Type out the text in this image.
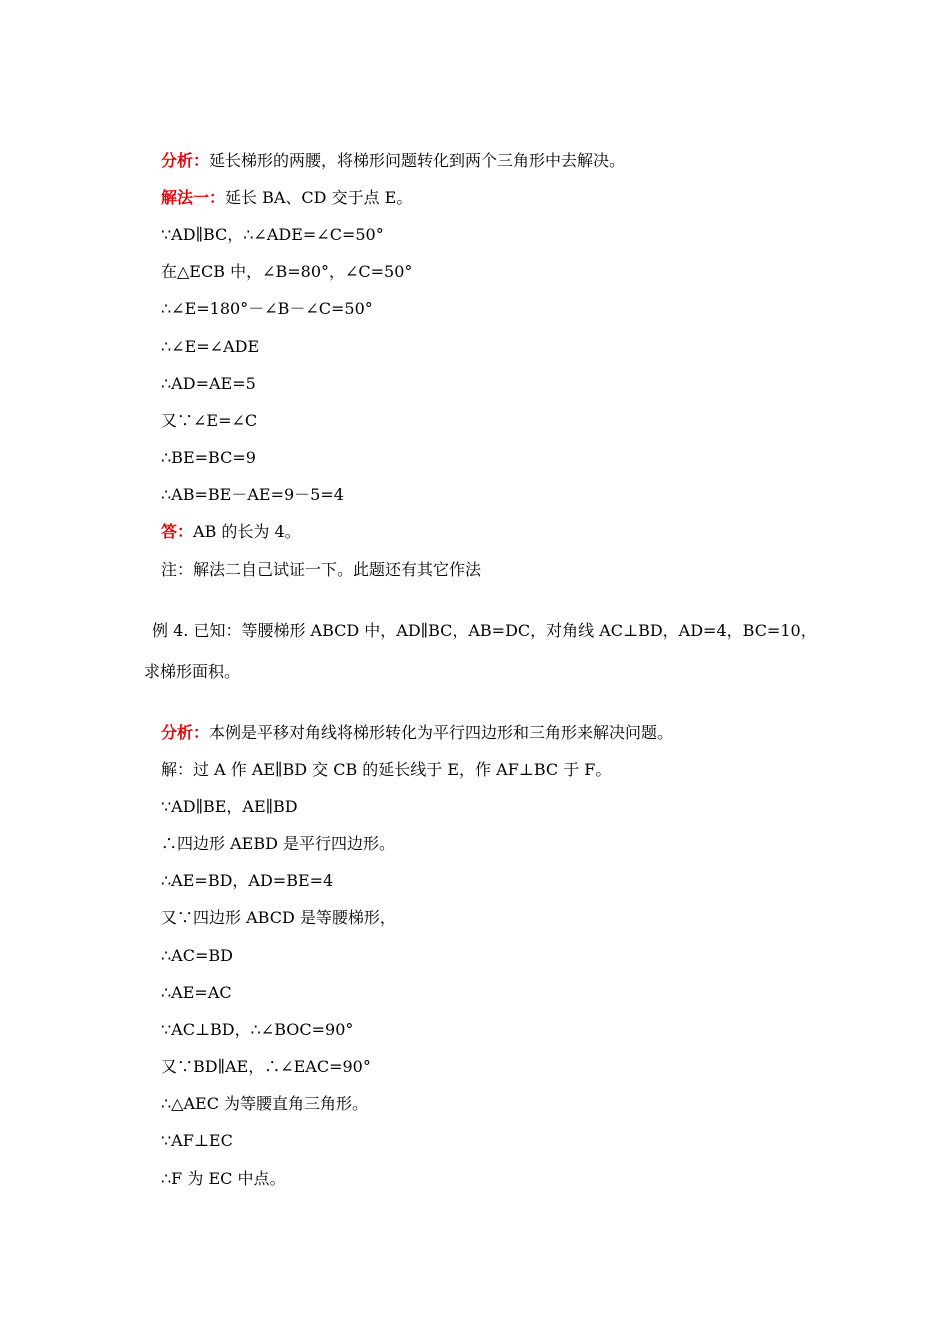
分析：延长梯形的两腰，将梯形问题转化到两个三角形中去解决。
解法一：延长 BA、CD 交于点 E。
∵AD∥BC，∴∠ADE=∠C=50°
在△ECB 中，∠B=80°，∠C=50°
∴∠E=180°－∠B－∠C=50°
∴∠E=∠ADE
∴AD=AE=5
又∵∠E=∠C
∴BE=BC=9
∴AB=BE－AE=9－5=4
答：AB 的长为 4。
注：解法二自己试证一下。此题还有其它作法
例 4. 已知：等腰梯形 ABCD 中，AD∥BC，AB=DC，对角线 AC⊥BD，AD=4，BC=10，
求梯形面积。
分析：本例是平移对角线将梯形转化为平行四边形和三角形来解决问题。
解：过 A 作 AE∥BD 交 CB 的延长线于 E，作 AF⊥BC 于 F。
∵AD∥BE，AE∥BD
∴四边形 AEBD 是平行四边形。
∴AE=BD，AD=BE=4
又∵四边形 ABCD 是等腰梯形，
∴AC=BD
∴AE=AC
∵AC⊥BD，∴∠BOC=90°
又∵BD∥AE，∴∠EAC=90°
∴△AEC 为等腰直角三角形。
∵AF⊥EC
∴F 为 EC 中点。
